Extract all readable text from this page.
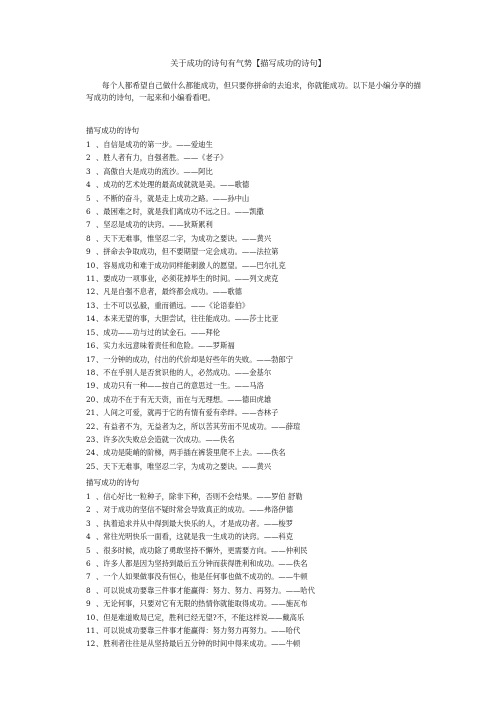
关于成功的诗句有气势【描写成功的诗句】

每个人都希望自己做什么都能成功，但只要你拼命的去追求，你就能成功。以下是小编分享的描写成功的诗句，一起来和小编看看吧。

描写成功的诗句
1 、自信是成功的第一步。——爱迪生
2 、胜人者有力，自强者胜。——《老子》
3 、高傲自大是成功的流沙。——阿比
4 、成功的艺术处理的最高成就就是美。——歌德
5 、不断的奋斗，就是走上成功之路。——孙中山
6 、最困难之时，就是我们离成功不远之日。——凯撒
7 、坚忍是成功的诀窍。——狄斯累利
8 、天下无难事，惟坚忍二字，为成功之要诀。——黄兴
9 、拼命去争取成功，但不要期望一定会成功。——法拉第
10、容易成功和难于成功同样能刺激人的愿望。——巴尔扎克
11、要成功一项事业，必须花掉毕生的时间。——列文虎克
12、凡是自强不息者，最终都会成功。——歌德
13、士不可以弘毅，重而循远。——《论语泰伯》
14、本来无望的事，大胆尝试，往往能成功。——莎士比亚
15、成功——功与过的试金石。——拜伦
16、实力永远意味着责任和危险。——罗斯福
17、一分钟的成功，付出的代价却是好些年的失败。——勃郎宁
18、不在乎别人是否赏识他的人，必然成功。——金基尔
19、成功只有一种——按自己的意思过一生。——马洛
20、成功不在于有无天资，而在与无理想。——德田虎雄
21、人间之可爱，就再于它的有情有爱有牵绊。——杏林子
22、有益者不为，无益者为之，所以苦其劳而不见成功。——薛瑄
23、许多次失败总会造就一次成功。——佚名
24、成功是陡峭的阶梯，两手插在裤袋里爬不上去。——佚名
25、天下无难事，唯坚忍二字，为成功之要诀。——黄兴
描写成功的诗句
1 、信心好比一粒种子，除非下种，否则不会结果。——罗伯 舒勒
2 、对于成功的坚信不疑时常会导致真正的成功。——弗洛伊德
3 、执着追求并从中得到最大快乐的人，才是成功者。——梭罗
4 、常往光明快乐一面看，这就是我一生成功的诀窍。——科克
5 、很多时候，成功除了勇敢坚持不懈外，更需要方向。——仲利民
6 、许多人都是因为坚持到最后五分钟而获得胜利和成功。——佚名
7 、一个人如果做事没有恒心，他是任何事也做不成功的。——牛顿
8 、可以说成功要靠三件事才能赢得：努力、努力、再努力。——哈代
9 、无论何事，只要对它有无限的热情你就能取得成功。——施瓦布
10、但是难道败局已定，胜利已经无望?不，不能这样说——戴高乐
11、可以说成功要靠三件事才能赢得：努力努力再努力。——哈代
12、胜利者往往是从坚持最后五分钟的时间中得来成功。——牛顿
